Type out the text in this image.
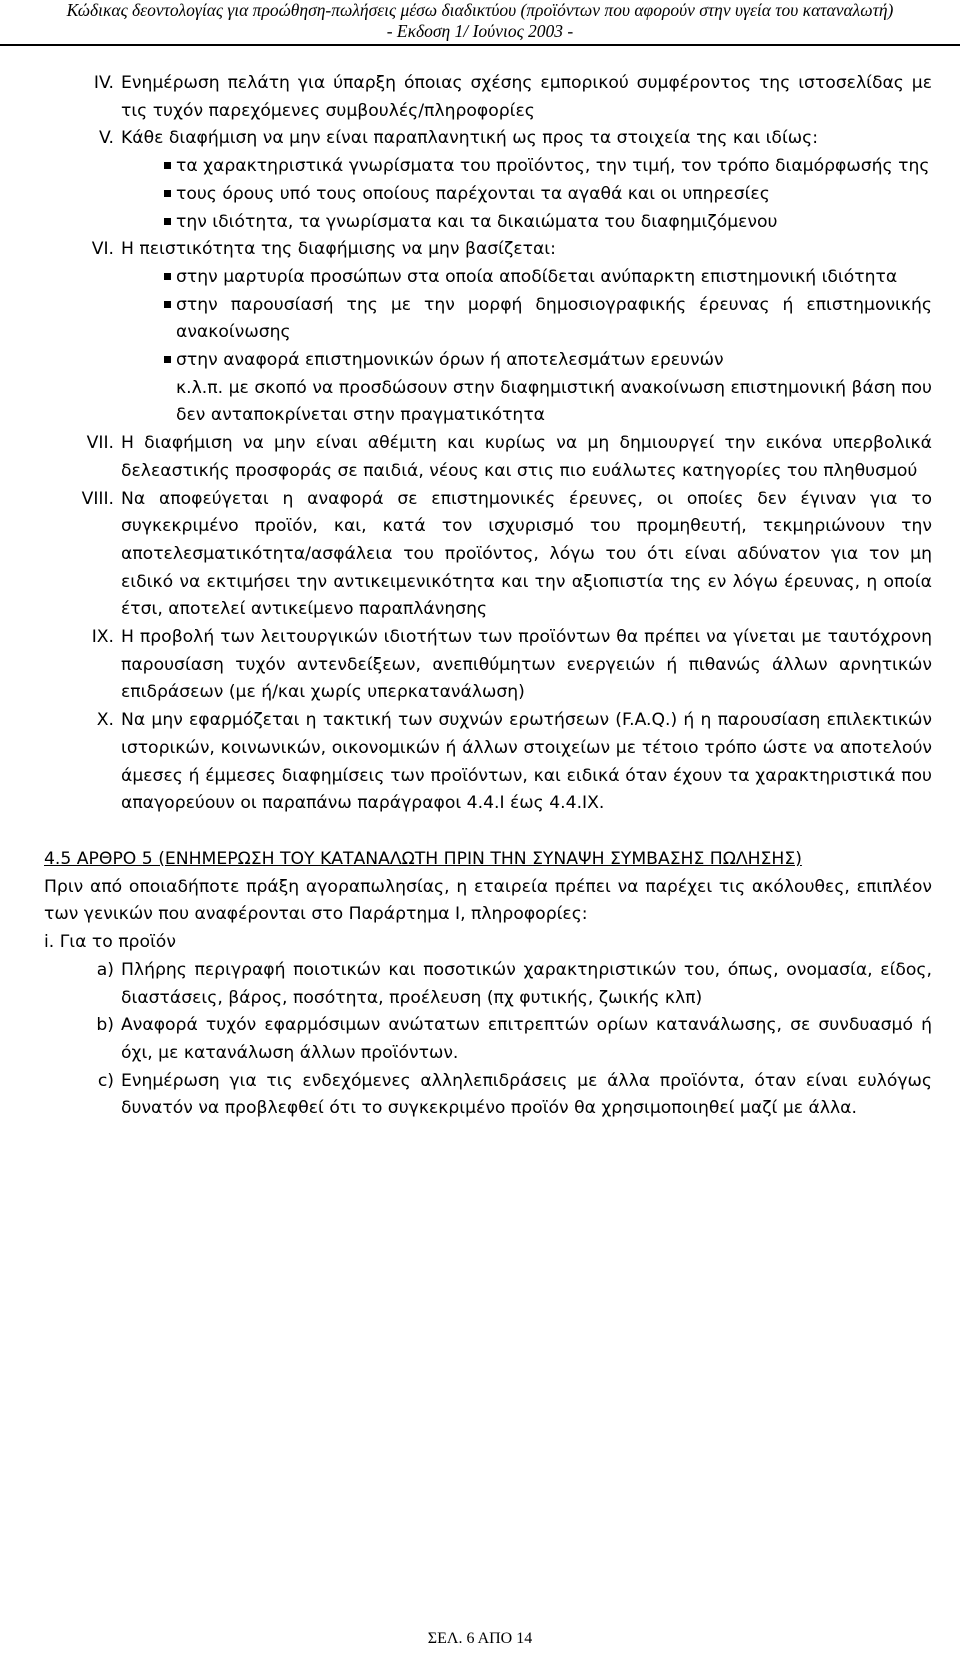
Κώδικας δεοντολογίας για προώθηση-πωλήσεις μέσω διαδικτύου (προϊόντων που αφορούν στην υγεία του καταναλωτή)
- Εκδοση 1/ Ιούνιος 2003 -
IV. Ενημέρωση πελάτη για ύπαρξη όποιας σχέσης εμπορικού συμφέροντος της ιστοσελίδας με τις τυχόν παρεχόμενες συμβουλές/πληροφορίες
V. Κάθε διαφήμιση να μην είναι παραπλανητική ως προς τα στοιχεία της και ιδίως:
τα χαρακτηριστικά γνωρίσματα του προϊόντος, την τιμή, τον τρόπο διαμόρφωσής της
τους όρους υπό τους οποίους παρέχονται τα αγαθά και οι υπηρεσίες
την ιδιότητα, τα γνωρίσματα και τα δικαιώματα του διαφημιζόμενου
VI. Η πειστικότητα της διαφήμισης να μην βασίζεται:
στην μαρτυρία προσώπων στα οποία αποδίδεται ανύπαρκτη επιστημονική ιδιότητα
στην παρουσίασή της με την μορφή δημοσιογραφικής έρευνας ή επιστημονικής ανακοίνωσης
στην αναφορά επιστημονικών όρων ή αποτελεσμάτων ερευνών
κ.λ.π. με σκοπό να προσδώσουν στην διαφημιστική ανακοίνωση επιστημονική βάση που δεν ανταποκρίνεται στην πραγματικότητα
VII. Η διαφήμιση να μην είναι αθέμιτη και κυρίως να μη δημιουργεί την εικόνα υπερβολικά δελεαστικής προσφοράς σε παιδιά, νέους και στις πιο ευάλωτες κατηγορίες του πληθυσμού
VIII. Να αποφεύγεται η αναφορά σε επιστημονικές έρευνες, οι οποίες δεν έγιναν για το συγκεκριμένο προϊόν, και, κατά τον ισχυρισμό του προμηθευτή, τεκμηριώνουν την αποτελεσματικότητα/ασφάλεια του προϊόντος, λόγω του ότι είναι αδύνατον για τον μη ειδικό να εκτιμήσει την αντικειμενικότητα και την αξιοπιστία της εν λόγω έρευνας, η οποία έτσι, αποτελεί αντικείμενο παραπλάνησης
IX. Η προβολή των λειτουργικών ιδιοτήτων των προϊόντων θα πρέπει να γίνεται με ταυτόχρονη παρουσίαση τυχόν αντενδείξεων, ανεπιθύμητων ενεργειών ή πιθανώς άλλων αρνητικών επιδράσεων (με ή/και χωρίς υπερκατανάλωση)
X. Να μην εφαρμόζεται η τακτική των συχνών ερωτήσεων (F.A.Q.) ή η παρουσίαση επιλεκτικών ιστορικών, κοινωνικών, οικονομικών ή άλλων στοιχείων με τέτοιο τρόπο ώστε να αποτελούν άμεσες ή έμμεσες διαφημίσεις των προϊόντων, και ειδικά όταν έχουν τα χαρακτηριστικά που απαγορεύουν οι παραπάνω παράγραφοι 4.4.Ι έως 4.4.ΙΧ.
4.5 ΑΡΘΡΟ 5 (ΕΝΗΜΕΡΩΣΗ ΤΟΥ ΚΑΤΑΝΑΛΩΤΗ ΠΡΙΝ ΤΗΝ ΣΥΝΑΨΗ ΣΥΜΒΑΣΗΣ ΠΩΛΗΣΗΣ)
Πριν από οποιαδήποτε πράξη αγοραπωλησίας, η εταιρεία πρέπει να παρέχει τις ακόλουθες, επιπλέον των γενικών που αναφέρονται στο Παράρτημα Ι, πληροφορίες:
i. Για το προϊόν
a) Πλήρης περιγραφή ποιοτικών και ποσοτικών χαρακτηριστικών του, όπως, ονομασία, είδος, διαστάσεις, βάρος, ποσότητα, προέλευση (πχ φυτικής, ζωικής κλπ)
b) Αναφορά τυχόν εφαρμόσιμων ανώτατων επιτρεπτών ορίων κατανάλωσης, σε συνδυασμό ή όχι, με κατανάλωση άλλων προϊόντων.
c) Ενημέρωση για τις ενδεχόμενες αλληλεπιδράσεις με άλλα προϊόντα, όταν είναι ευλόγως δυνατόν να προβλεφθεί ότι το συγκεκριμένο προϊόν θα χρησιμοποιηθεί μαζί με άλλα.
ΣΕΛ. 6 ΑΠΟ 14
